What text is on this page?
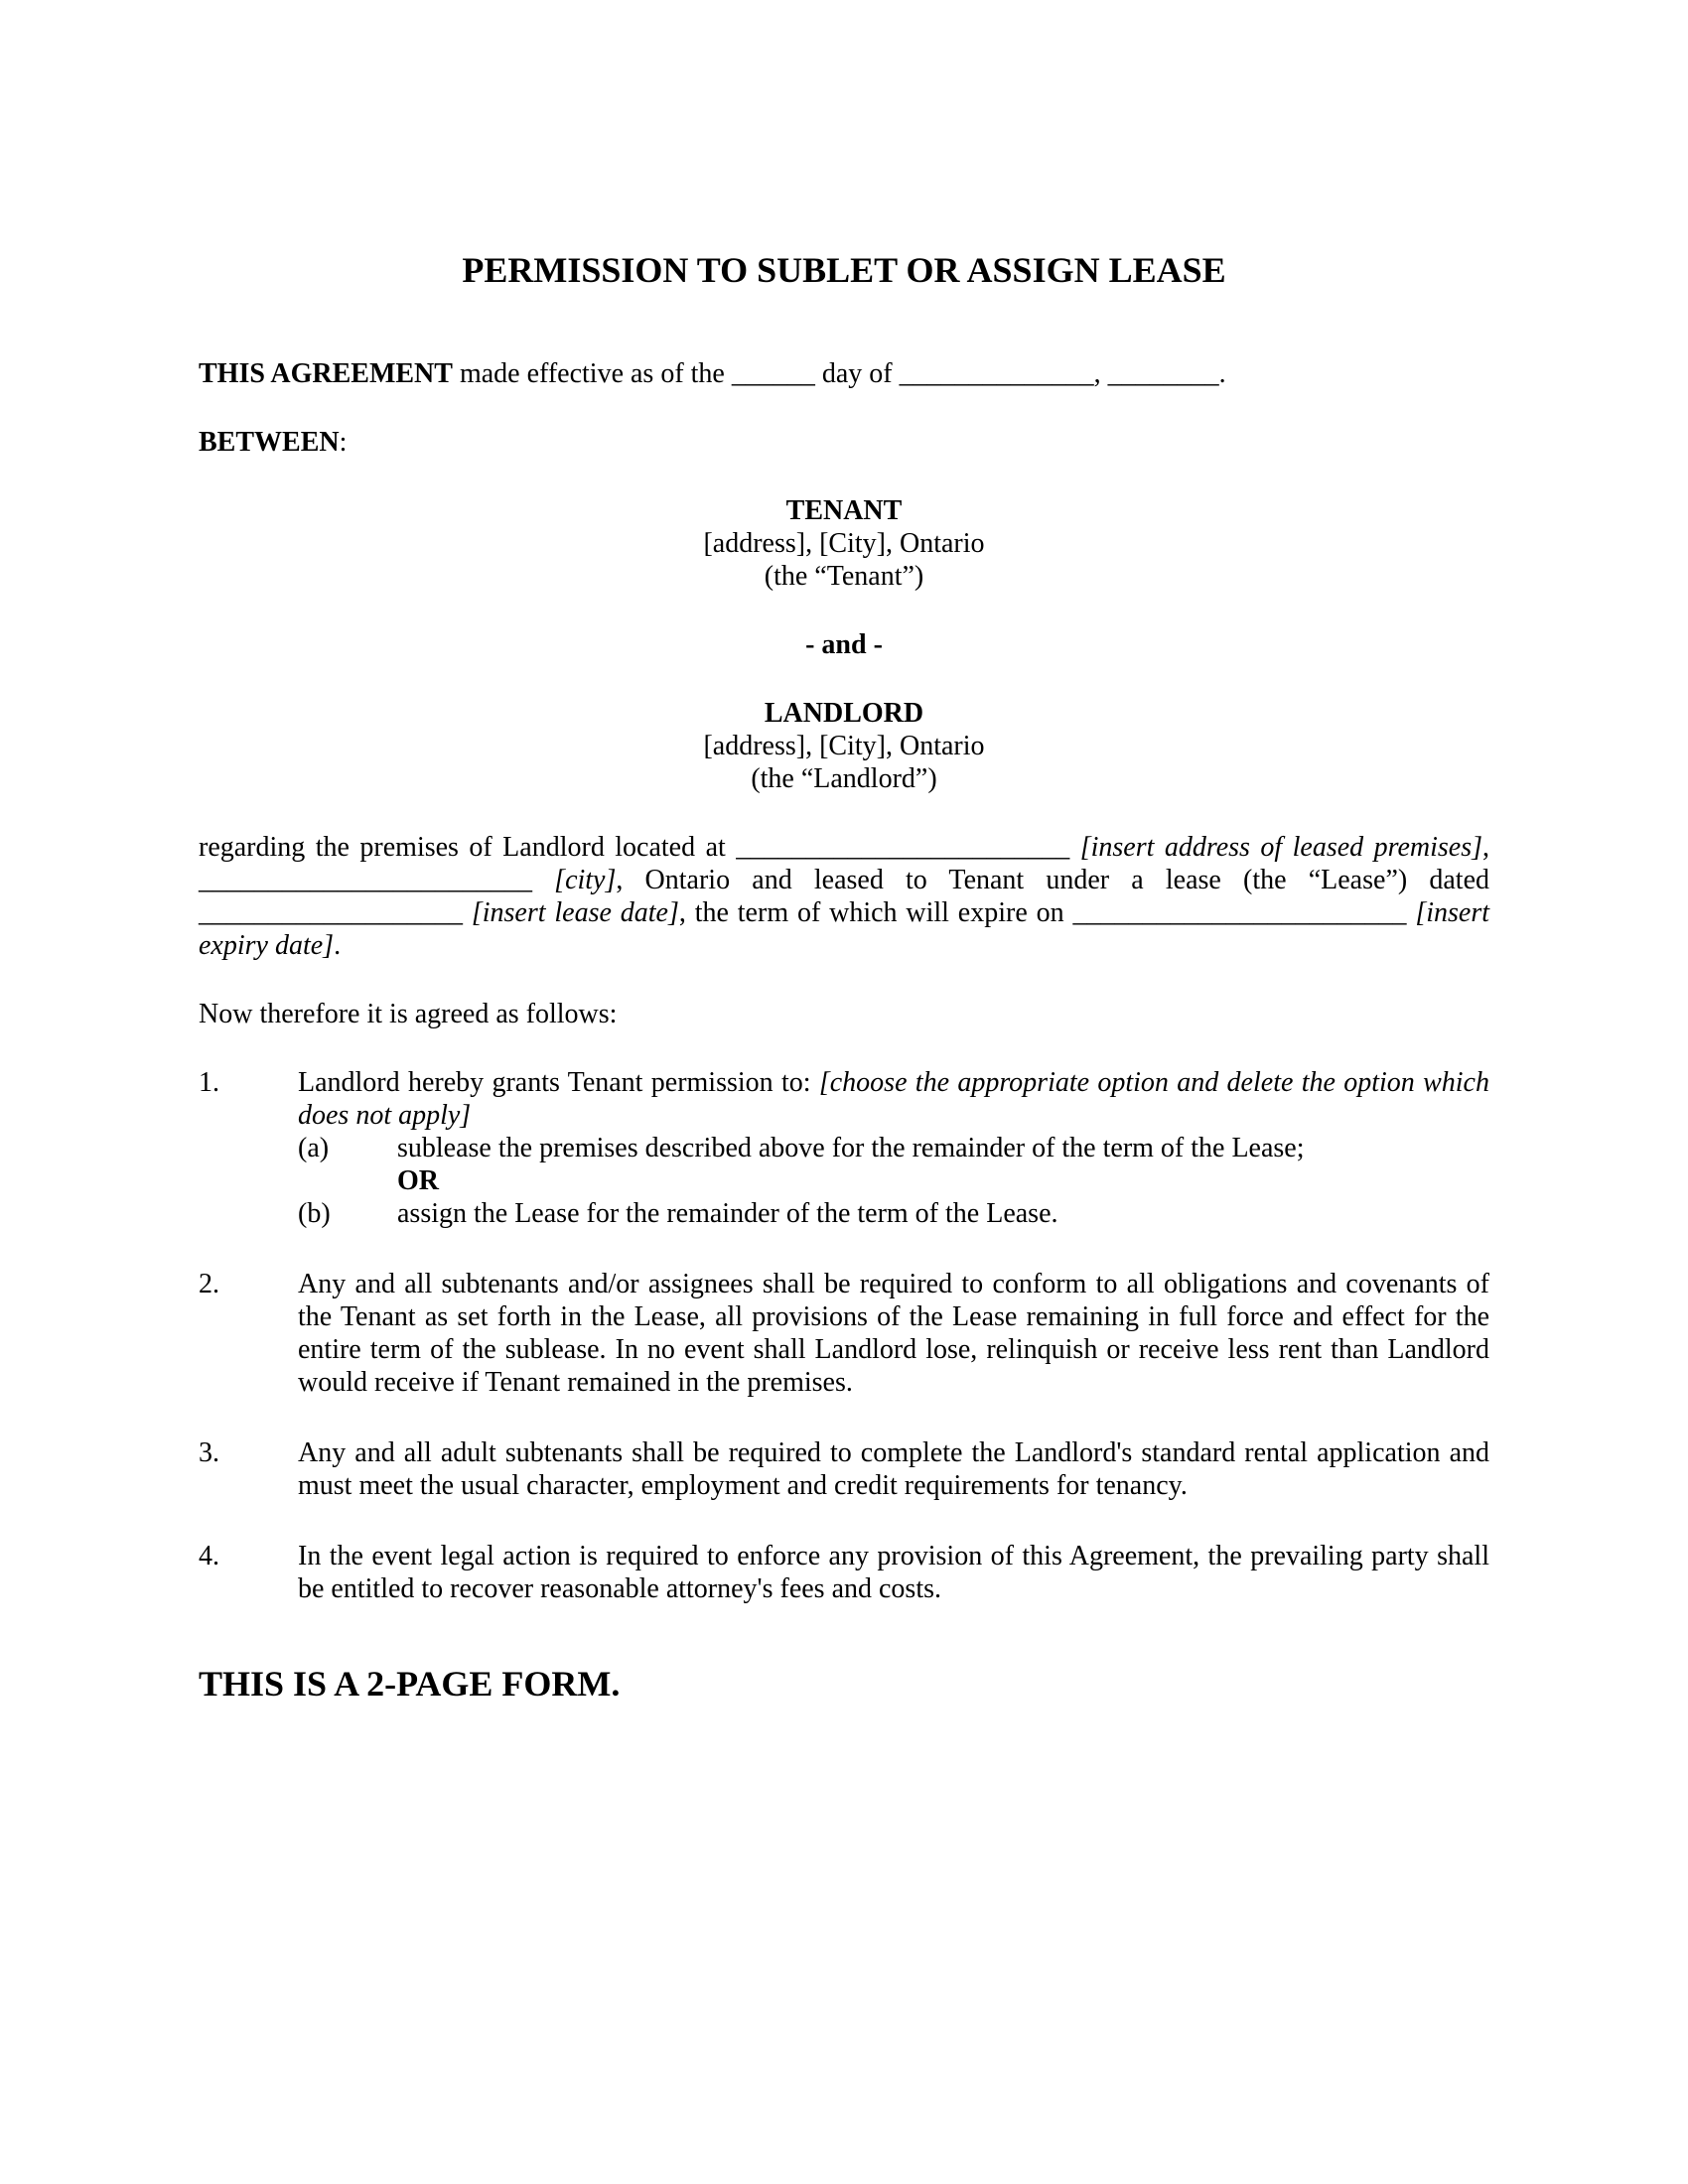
PERMISSION TO SUBLET OR ASSIGN LEASE

THIS AGREEMENT made effective as of the ______ day of ______________, ________.

BETWEEN:

TENANT
[address], [City], Ontario
(the “Tenant”)
- and -
LANDLORD
[address], [City], Ontario
(the “Landlord”)

regarding the premises of Landlord located at ________________________ [insert address of leased premises], ________________________ [city], Ontario and leased to Tenant under a lease (the “Lease”) dated ___________________ [insert lease date], the term of which will expire on ________________________ [insert expiry date].

Now therefore it is agreed as follows:

1.	Landlord hereby grants Tenant permission to: [choose the appropriate option and delete the option which does not apply]

(a)	sublease the premises described above for the remainder of the term of the Lease;
OR
(b)	assign the Lease for the remainder of the term of the Lease.
2.	Any and all subtenants and/or assignees shall be required to conform to all obligations and covenants of the Tenant as set forth in the Lease, all provisions of the Lease remaining in full force and effect for the entire term of the sublease. In no event shall Landlord lose, relinquish or receive less rent than Landlord would receive if Tenant remained in the premises.

3.	Any and all adult subtenants shall be required to complete the Landlord's standard rental application and must meet the usual character, employment and credit requirements for tenancy.

4.	In the event legal action is required to enforce any provision of this Agreement, the prevailing party shall be entitled to recover reasonable attorney's fees and costs.

THIS IS A 2-PAGE FORM.
